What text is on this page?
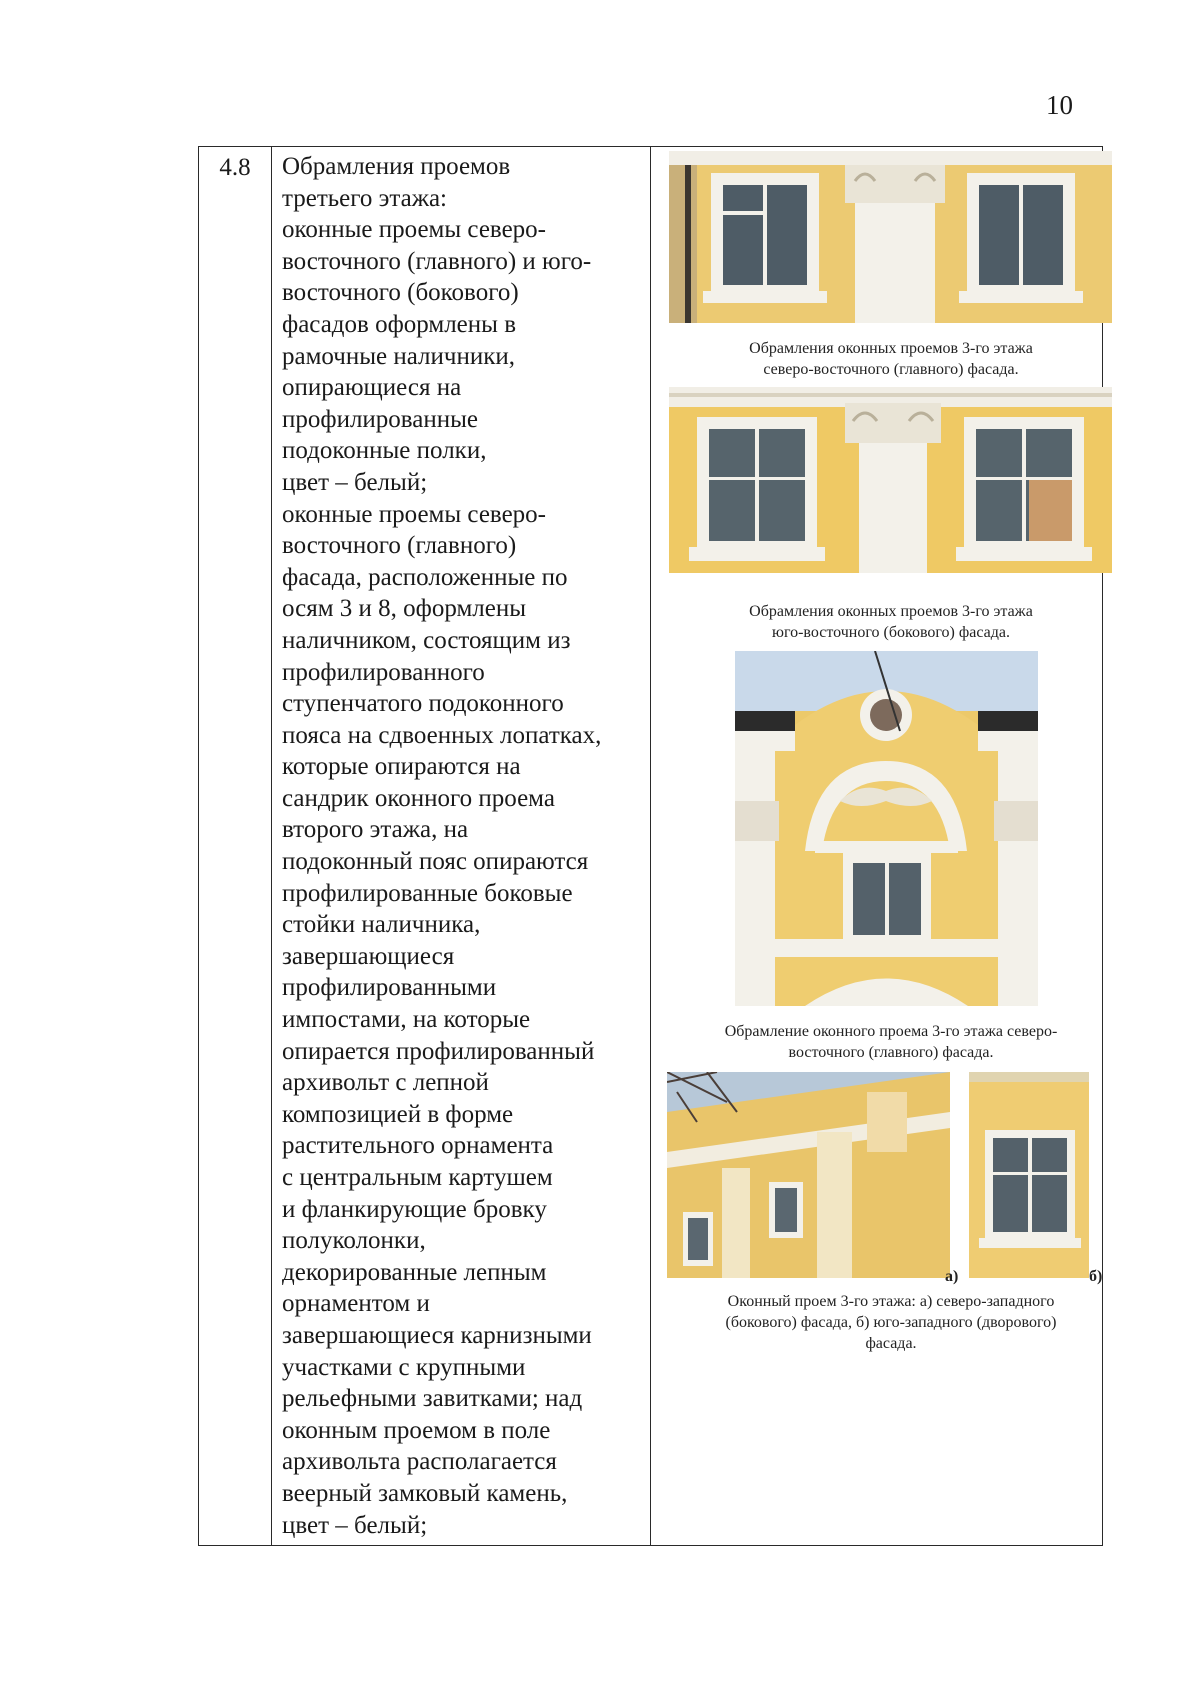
10
4.8	Обрамления проемов
третьего этажа:
оконные проемы северо-
восточного (главного) и юго-
восточного (бокового)
фасадов оформлены в
рамочные наличники,
опирающиеся на
профилированные
подоконные полки,
цвет – белый;
оконные проемы северо-
восточного (главного)
фасада, расположенные по
осям 3 и 8, оформлены
наличником, состоящим из
профилированного
ступенчатого подоконного
пояса на сдвоенных лопатках,
которые опираются на
сандрик оконного проема
второго этажа, на
подоконный пояс опираются
профилированные боковые
стойки наличника,
завершающиеся
профилированными
импостами, на которые
опирается профилированный
архивольт с лепной
композицией в форме
растительного орнамента
с центральным картушем
и фланкирующие бровку
полуколонки,
декорированные лепным
орнаментом и
завершающиеся карнизными
участками с крупными
рельефными завитками; над
оконным проемом в поле
архивольта располагается
веерный замковый камень,
цвет – белый;

Обрамления оконных проемов 3-го этажа
северо-восточного (главного) фасада.
Обрамления оконных проемов 3-го этажа
юго-восточного (бокового) фасада.
Обрамление оконного проема 3-го этажа северо-
восточного (главного) фасада.
а)	б)
Оконный проем 3-го этажа: а) северо-западного
(бокового) фасада, б) юго-западного (дворового)
фасада.
